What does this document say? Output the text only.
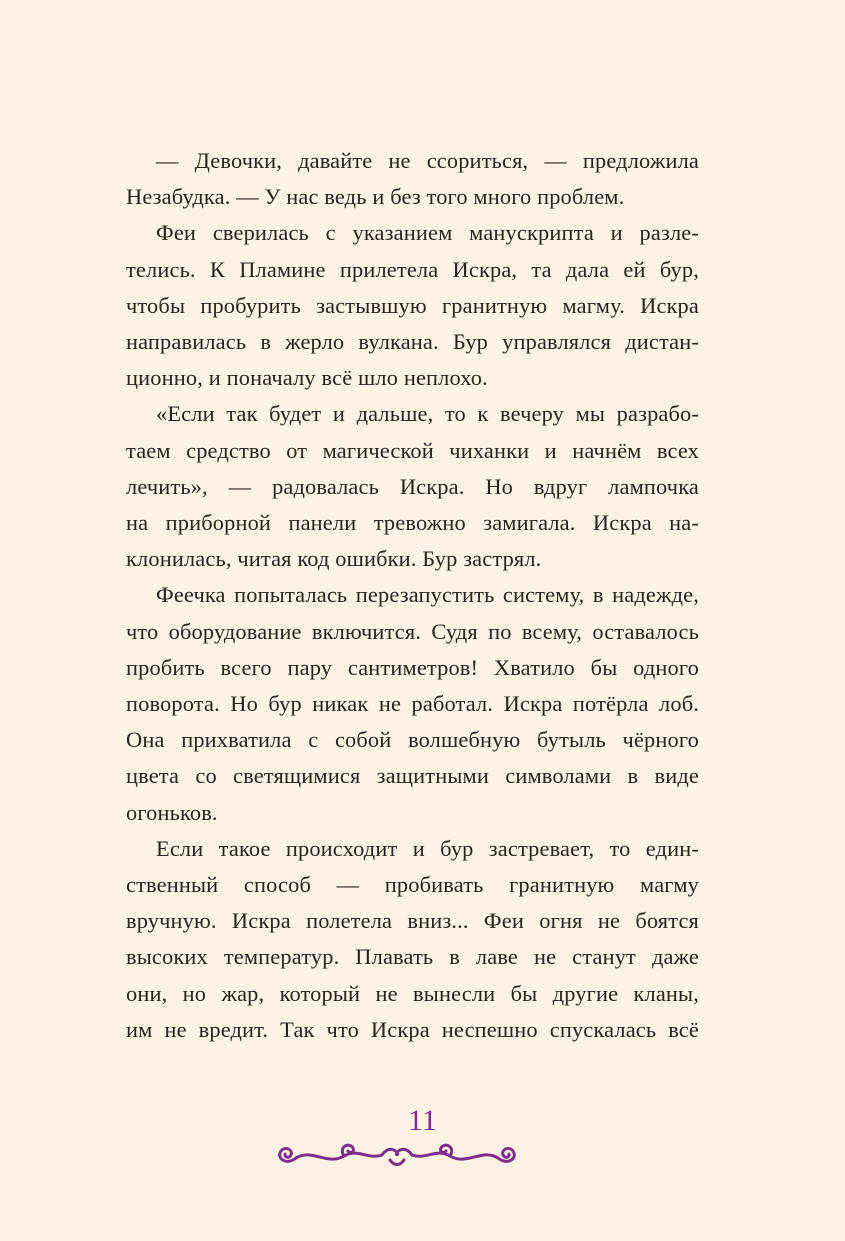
— Девочки, давайте не ссориться, — предложила
Незабудка. — У нас ведь и без того много проблем.
Феи сверилась с указанием манускрипта и разле-
телись. К Пламине прилетела Искра, та дала ей бур,
чтобы пробурить застывшую гранитную магму. Искра
направилась в жерло вулкана. Бур управлялся дистан-
ционно, и поначалу всё шло неплохо.
«Если так будет и дальше, то к вечеру мы разрабо-
таем средство от магической чиханки и начнём всех
лечить», — радовалась Искра. Но вдруг лампочка
на приборной панели тревожно замигала. Искра на-
клонилась, читая код ошибки. Бур застрял.
Феечка попыталась перезапустить систему, в надежде,
что оборудование включится. Судя по всему, оставалось
пробить всего пару сантиметров! Хватило бы одного
поворота. Но бур никак не работал. Искра потёрла лоб.
Она прихватила с собой волшебную бутыль чёрного
цвета со светящимися защитными символами в виде
огоньков.
Если такое происходит и бур застревает, то един-
ственный способ — пробивать гранитную магму
вручную. Искра полетела вниз... Феи огня не боятся
высоких температур. Плавать в лаве не станут даже
они, но жар, который не вынесли бы другие кланы,
им не вредит. Так что Искра неспешно спускалась всё
11
